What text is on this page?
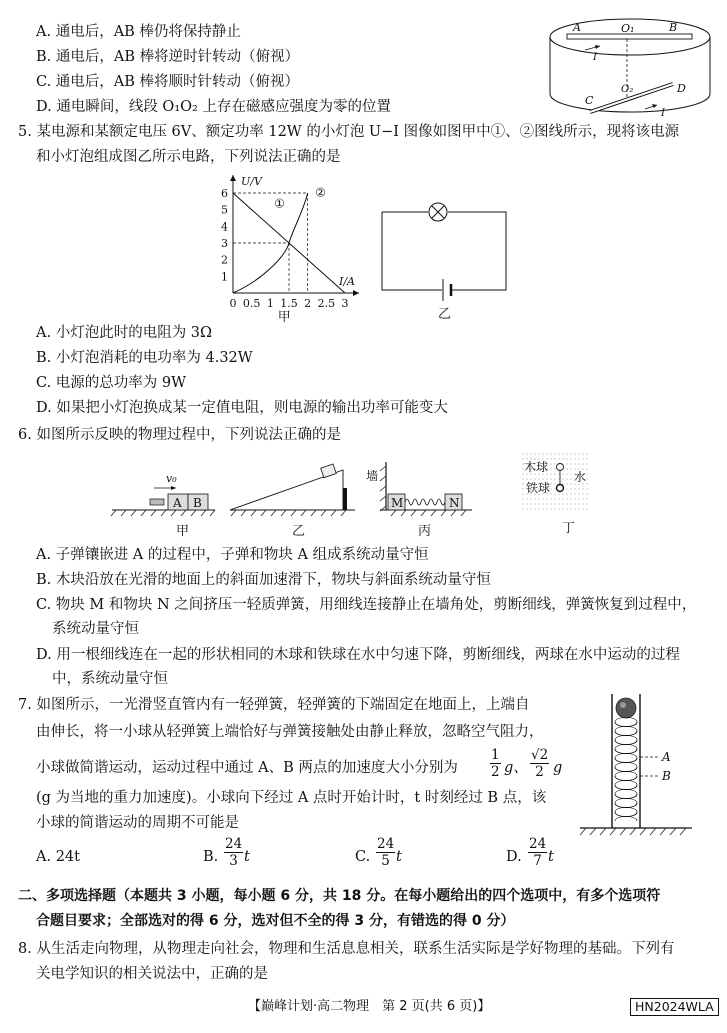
A. 通电后，AB 棒仍将保持静止
B. 通电后，AB 棒将逆时针转动（俯视）
C. 通电后，AB 棒将顺时针转动（俯视）
D. 通电瞬间，线段 O₁O₂ 上存在磁感应强度为零的位置
A	O₁	B
I
C
O₂	D
I
5. 某电源和某额定电压 6V、额定功率 12W 的小灯泡 U−I 图像如图甲中①、②图线所示，现将该电源
和小灯泡组成图乙所示电路，下列说法正确的是
0 0.5 1 1.5 2 2.5 3
1
2
3
4
5
6
U/V
I/A
①
②
甲	乙
A. 小灯泡此时的电阻为 3Ω
B. 小灯泡消耗的电功率为 4.32W
C. 电源的总功率为 9W
D. 如果把小灯泡换成某一定值电阻，则电源的输出功率可能变大
6. 如图所示反映的物理过程中，下列说法正确的是
v₀
A B
甲	乙
墙
M	N
丙
木球
铁球
水
丁
A. 子弹镶嵌进 A 的过程中，子弹和物块 A 组成系统动量守恒
B. 木块沿放在光滑的地面上的斜面加速滑下，物块与斜面系统动量守恒
C. 物块 M 和物块 N 之间挤压一轻质弹簧，用细线连接静止在墙角处，剪断细线，弹簧恢复到过程中，
系统动量守恒
D. 用一根细线连在一起的形状相同的木球和铁球在水中匀速下降，剪断细线，两球在水中运动的过程
中，系统动量守恒
7. 如图所示，一光滑竖直管内有一轻弹簧，轻弹簧的下端固定在地面上，上端自
由伸长，将一小球从轻弹簧上端恰好与弹簧接触处由静止释放，忽略空气阻力，
小球做简谐运动，运动过程中通过 A、B 两点的加速度大小分别为 $\frac{1}{2}$ g、 $\frac{√2}{2}$ g
(g 为当地的重力加速度)。小球向下经过 A 点时开始计时，t 时刻经过 B 点，该
小球的简谐运动的周期不可能是
A. 24t	B. $\frac{24}{3}$ t	C. $\frac{24}{5}$ t	D. $\frac{24}{7}$ t
A
B
二、多项选择题（本题共 3 小题，每小题 6 分，共 18 分。在每小题给出的四个选项中，有多个选项符
合题目要求；全部选对的得 6 分，选对但不全的得 3 分，有错选的得 0 分）
8. 从生活走向物理，从物理走向社会，物理和生活息息相关，联系生活实际是学好物理的基础。下列有
关电学知识的相关说法中，正确的是
【巅峰计划·高二物理　第 2 页(共 6 页)】	HN2024WLA
